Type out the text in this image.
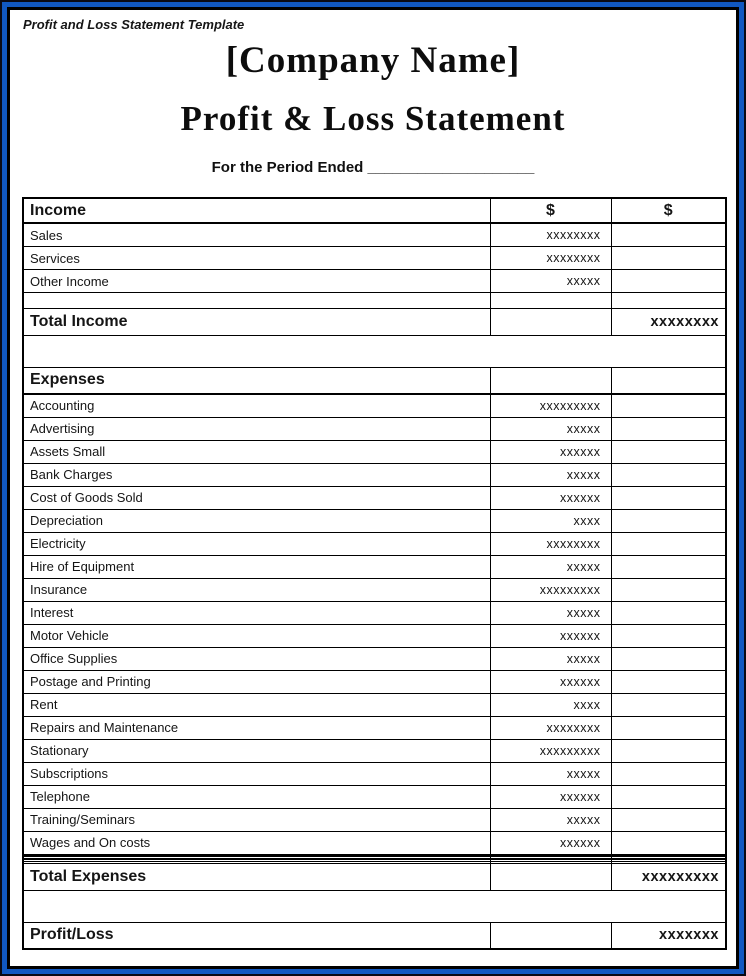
Profit and Loss Statement Template
[Company Name]
Profit & Loss Statement
For the Period Ended ____________________
Income	$	$
Sales	xxxxxxxx	
Services	xxxxxxxx	
Other Income	xxxxx	

Total Income		xxxxxxxx

Expenses		
Accounting	xxxxxxxxx	
Advertising	xxxxx	
Assets Small	xxxxxx	
Bank Charges	xxxxx	
Cost of Goods Sold	xxxxxx	
Depreciation	xxxx	
Electricity	xxxxxxxx	
Hire of Equipment	xxxxx	
Insurance	xxxxxxxxx	
Interest	xxxxx	
Motor Vehicle	xxxxxx	
Office Supplies	xxxxx	
Postage and Printing	xxxxxx	
Rent	xxxx	
Repairs and Maintenance	xxxxxxxx	
Stationary	xxxxxxxxx	
Subscriptions	xxxxx	
Telephone	xxxxxx	
Training/Seminars	xxxxx	
Wages and On costs	xxxxxx	

Total Expenses		xxxxxxxxx

Profit/Loss		xxxxxxx
